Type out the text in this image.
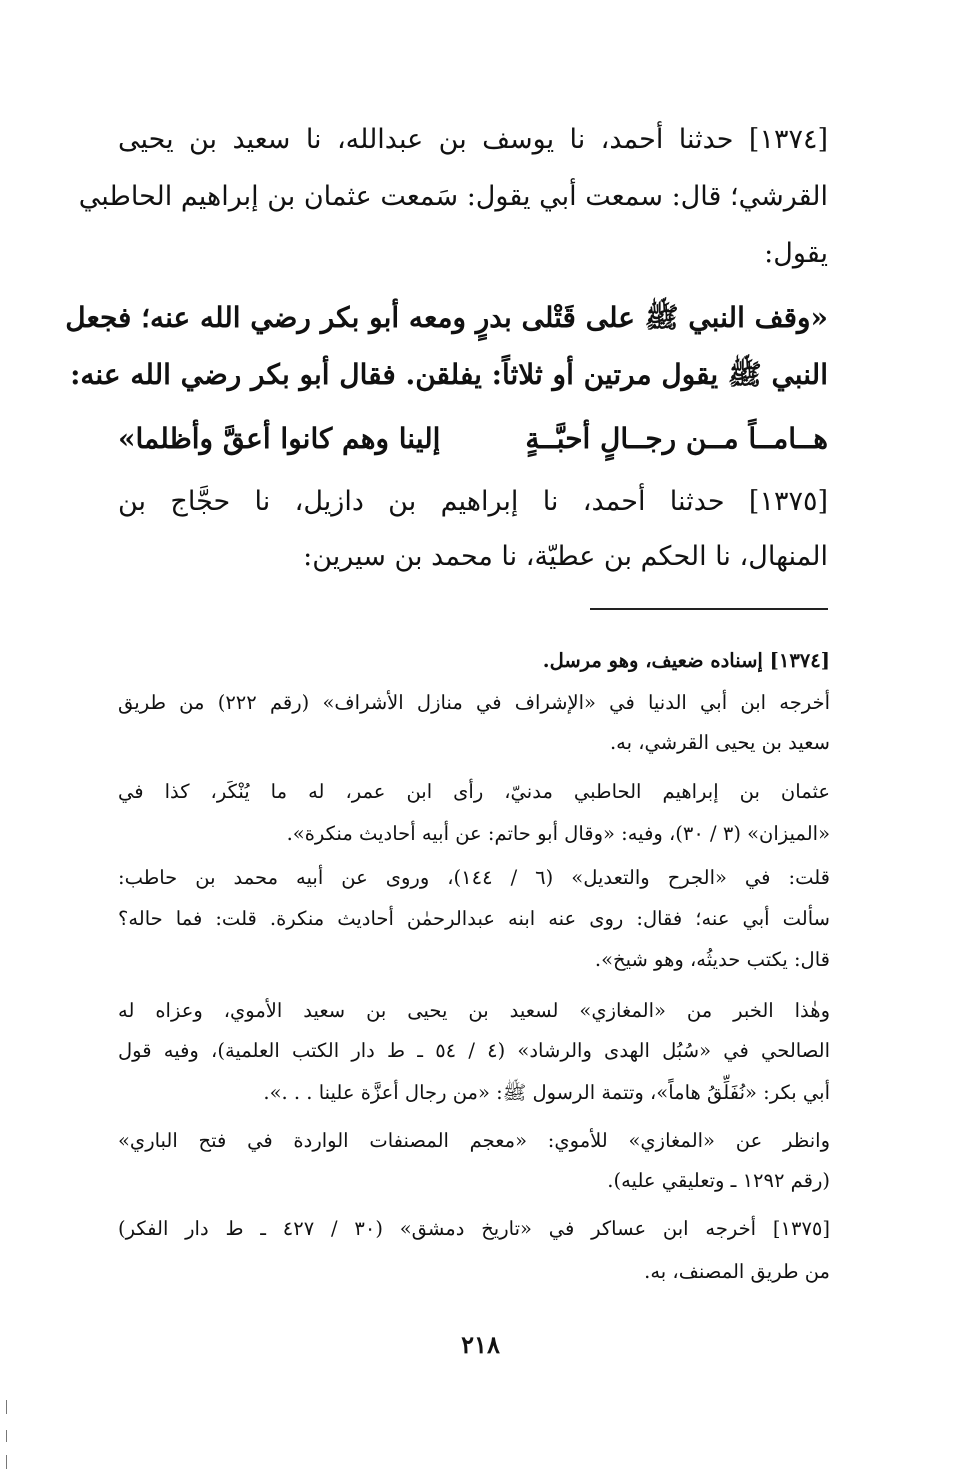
[١٣٧٤] حدثنا أحمد، نا يوسف بن عبدالله، نا سعيد بن يحيى
القرشي؛ قال: سمعت أبي يقول: سَمعت عثمان بن إبراهيم الحاطبي
يقول:
«وقف النبي ﷺ على قَتْلى بدرٍ ومعه أبو بكر رضي الله عنه؛ فجعل
النبي ﷺ يقول مرتين أو ثلاثاً: يفلقن. فقال أبو بكر رضي الله عنه:
هــامــاً مــن رجــالٍ أحبَّــةٍ
إلينا وهم كانوا أعقَّ وأظلما»
[١٣٧٥] حدثنا أحمد، نا إبراهيم بن دازيل، نا حجَّاج بن
المنهال، نا الحكم بن عطيّة، نا محمد بن سيرين:
[١٣٧٤] إسناده ضعيف، وهو مرسل.
أخرجه ابن أبي الدنيا في «الإشراف في منازل الأشراف» (رقم ٢٢٢) من طريق
سعيد بن يحيى القرشي، به.
عثمان بن إبراهيم الحاطبي مدنيّ، رأى ابن عمر، له ما يُنْكَر، كذا في
«الميزان» (٣ / ٣٠)، وفيه: «وقال أبو حاتم: عن أبيه أحاديث منكرة».
قلت: في «الجرح والتعديل» (٦ / ١٤٤)، وروى عن أبيه محمد بن حاطب:
سألت أبي عنه؛ فقال: روى عنه ابنه عبدالرحمٰن أحاديث منكرة. قلت: فما حاله؟
قال: يكتب حديثُه، وهو شيخ».
وهٰذا الخبر من «المغازي» لسعيد بن يحيى بن سعيد الأموي، وعزاه له
الصالحي في «سُبُل الهدى والرشاد» (٤ / ٥٤ ـ ط دار الكتب العلمية)، وفيه قول
أبي بكر: «نُفَلِّقُ هاماً»، وتتمة الرسول ﷺ: «من رجال أعزَّة علينا . . .».
وانظر عن «المغازي» للأموي: «معجم المصنفات الواردة في فتح الباري»
(رقم ١٢٩٢ ـ وتعليقي عليه).
[١٣٧٥] أخرجه ابن عساكر في «تاريخ دمشق» (٣٠ / ٤٢٧ ـ ط دار الفكر)
من طريق المصنف، به.
٢١٨
